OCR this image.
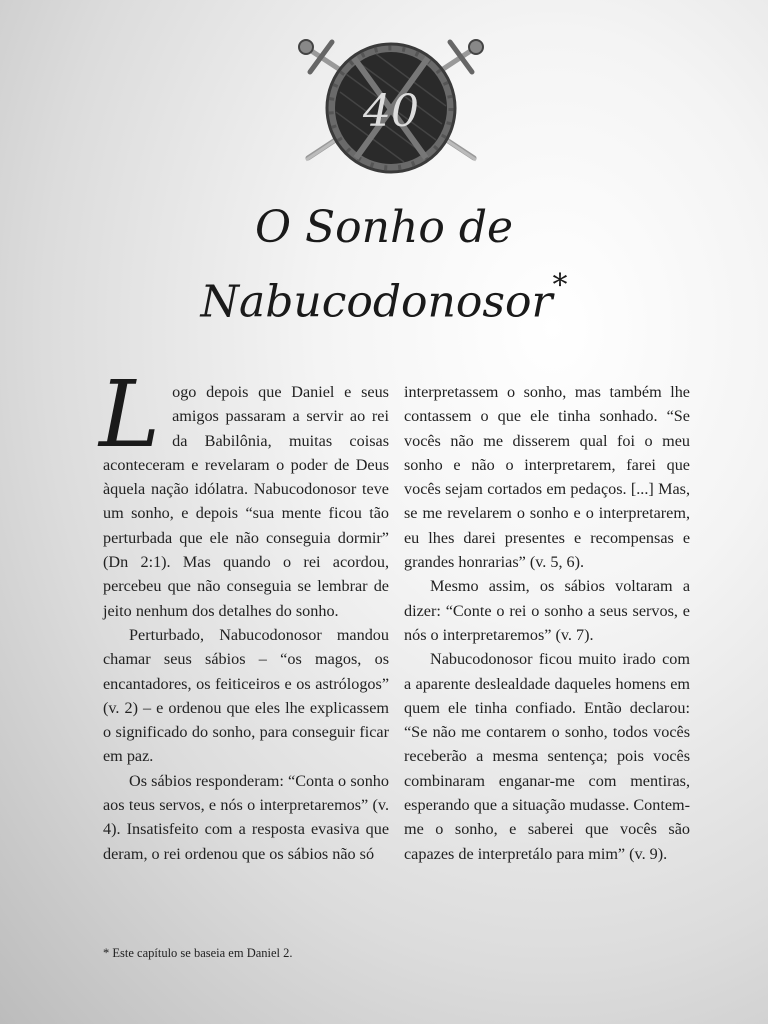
40
O Sonho de
Nabucodonosor*

Logo depois que Daniel e seus amigos passaram a servir ao rei da Babilônia, muitas coisas aconteceram e revelaram o poder de Deus àquela nação idólatra. Nabucodonosor teve um sonho, e depois “sua mente ficou tão perturbada que ele não conseguia dormir” (Dn 2:1). Mas quando o rei acordou, percebeu que não conseguia se lembrar de jeito nenhum dos detalhes do sonho.

Perturbado, Nabucodonosor mandou chamar seus sábios – “os magos, os encantadores, os feiticeiros e os astrólogos” (v. 2) – e ordenou que eles lhe explicassem o significado do sonho, para conseguir ficar em paz.

Os sábios responderam: “Conta o sonho aos teus servos, e nós o interpretaremos” (v. 4). Insatisfeito com a resposta evasiva que deram, o rei ordenou que os sábios não só

interpretassem o sonho, mas também lhe contassem o que ele tinha sonhado. “Se vocês não me disserem qual foi o meu sonho e não o interpretarem, farei que vocês sejam cortados em pedaços. [...] Mas, se me revelarem o sonho e o interpretarem, eu lhes darei presentes e recompensas e grandes honrarias” (v. 5, 6).

Mesmo assim, os sábios voltaram a dizer: “Conte o rei o sonho a seus servos, e nós o interpretaremos” (v. 7).

Nabucodonosor ficou muito irado com a aparente deslealdade daqueles homens em quem ele tinha confiado. Então declarou: “Se não me contarem o sonho, todos vocês receberão a mesma sentença; pois vocês combinaram enganar-me com mentiras, esperando que a situação mudasse. Contem-me o sonho, e saberei que vocês são capazes de interpretálo para mim” (v. 9).

* Este capítulo se baseia em Daniel 2.
